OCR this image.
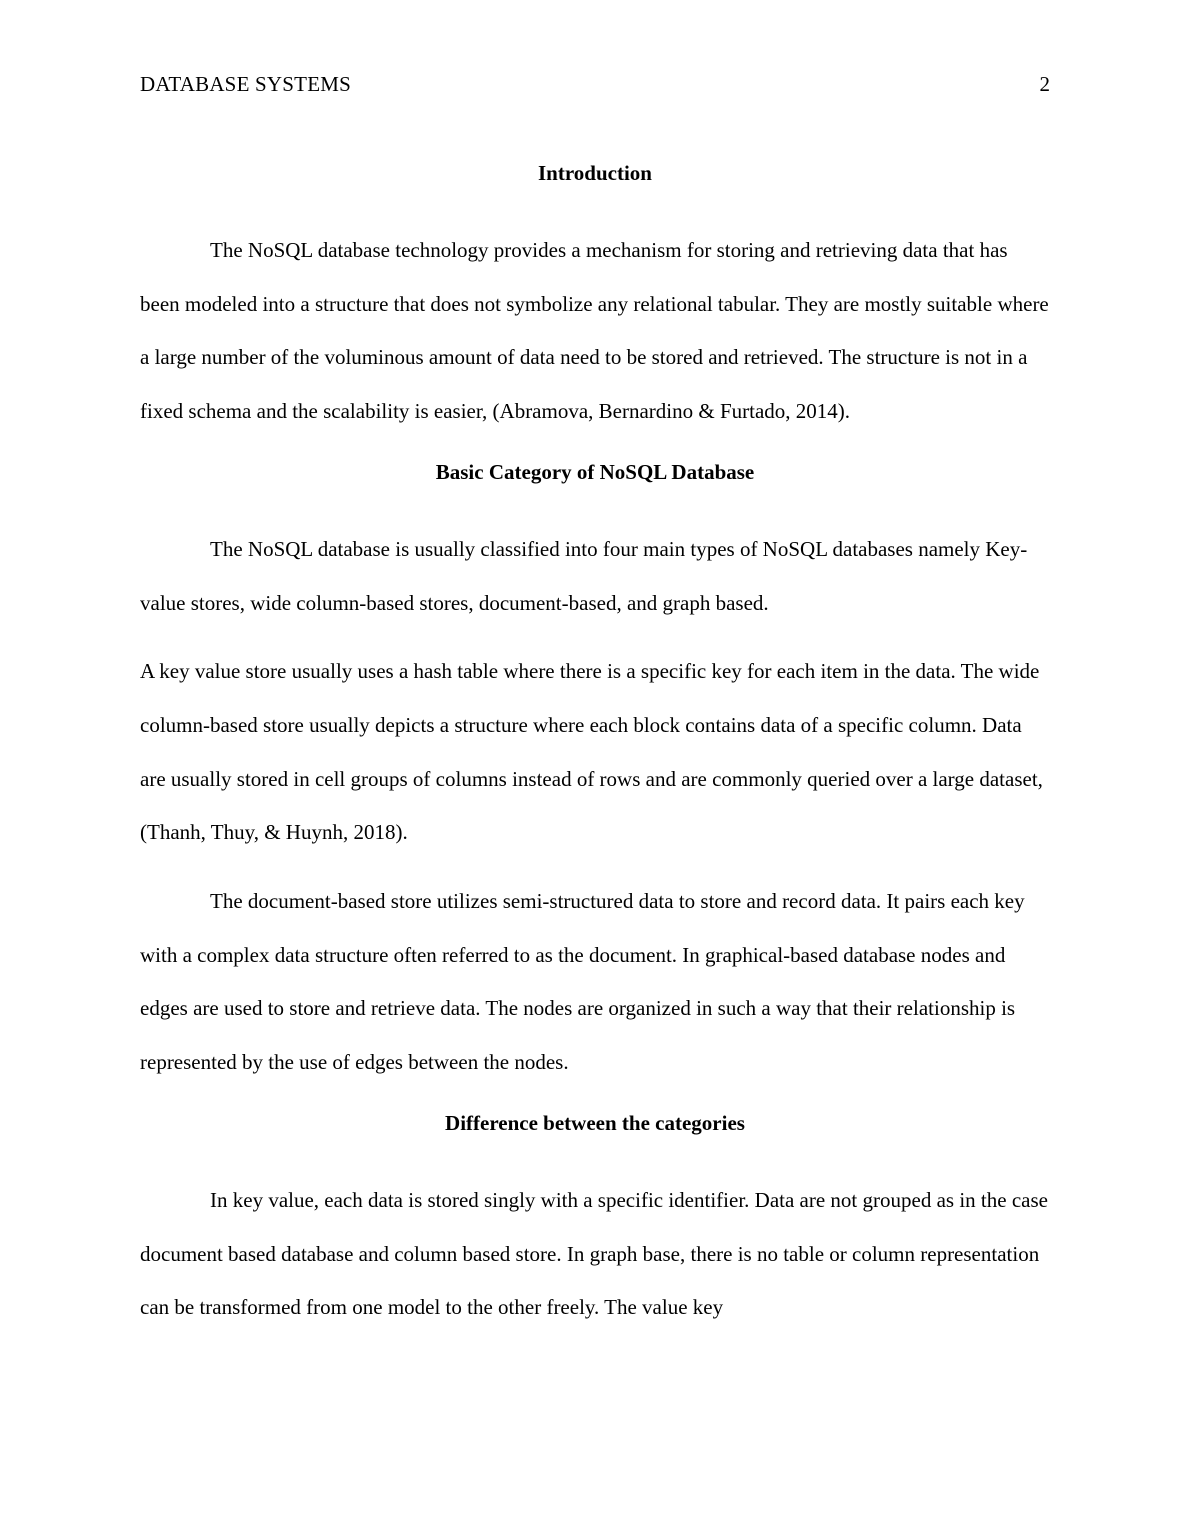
DATABASE SYSTEMS	2
Introduction

The NoSQL database technology provides a mechanism for storing and retrieving data that has been modeled into a structure that does not symbolize any relational tabular. They are mostly suitable where a large number of the voluminous amount of data need to be stored and retrieved. The structure is not in a fixed schema and the scalability is easier, (Abramova, Bernardino & Furtado, 2014).

Basic Category of NoSQL Database

The NoSQL database is usually classified into four main types of NoSQL databases namely Key-value stores, wide column-based stores, document-based, and graph based.

A key value store usually uses a hash table where there is a specific key for each item in the data. The wide column-based store usually depicts a structure where each block contains data of a specific column. Data are usually stored in cell groups of columns instead of rows and are commonly queried over a large dataset, (Thanh, Thuy, & Huynh, 2018).

The document-based store utilizes semi-structured data to store and record data. It pairs each key with a complex data structure often referred to as the document. In graphical-based database nodes and edges are used to store and retrieve data. The nodes are organized in such a way that their relationship is represented by the use of edges between the nodes.

Difference between the categories

In key value, each data is stored singly with a specific identifier. Data are not grouped as in the case document based database and column based store. In graph base, there is no table or column representation can be transformed from one model to the other freely. The value key
